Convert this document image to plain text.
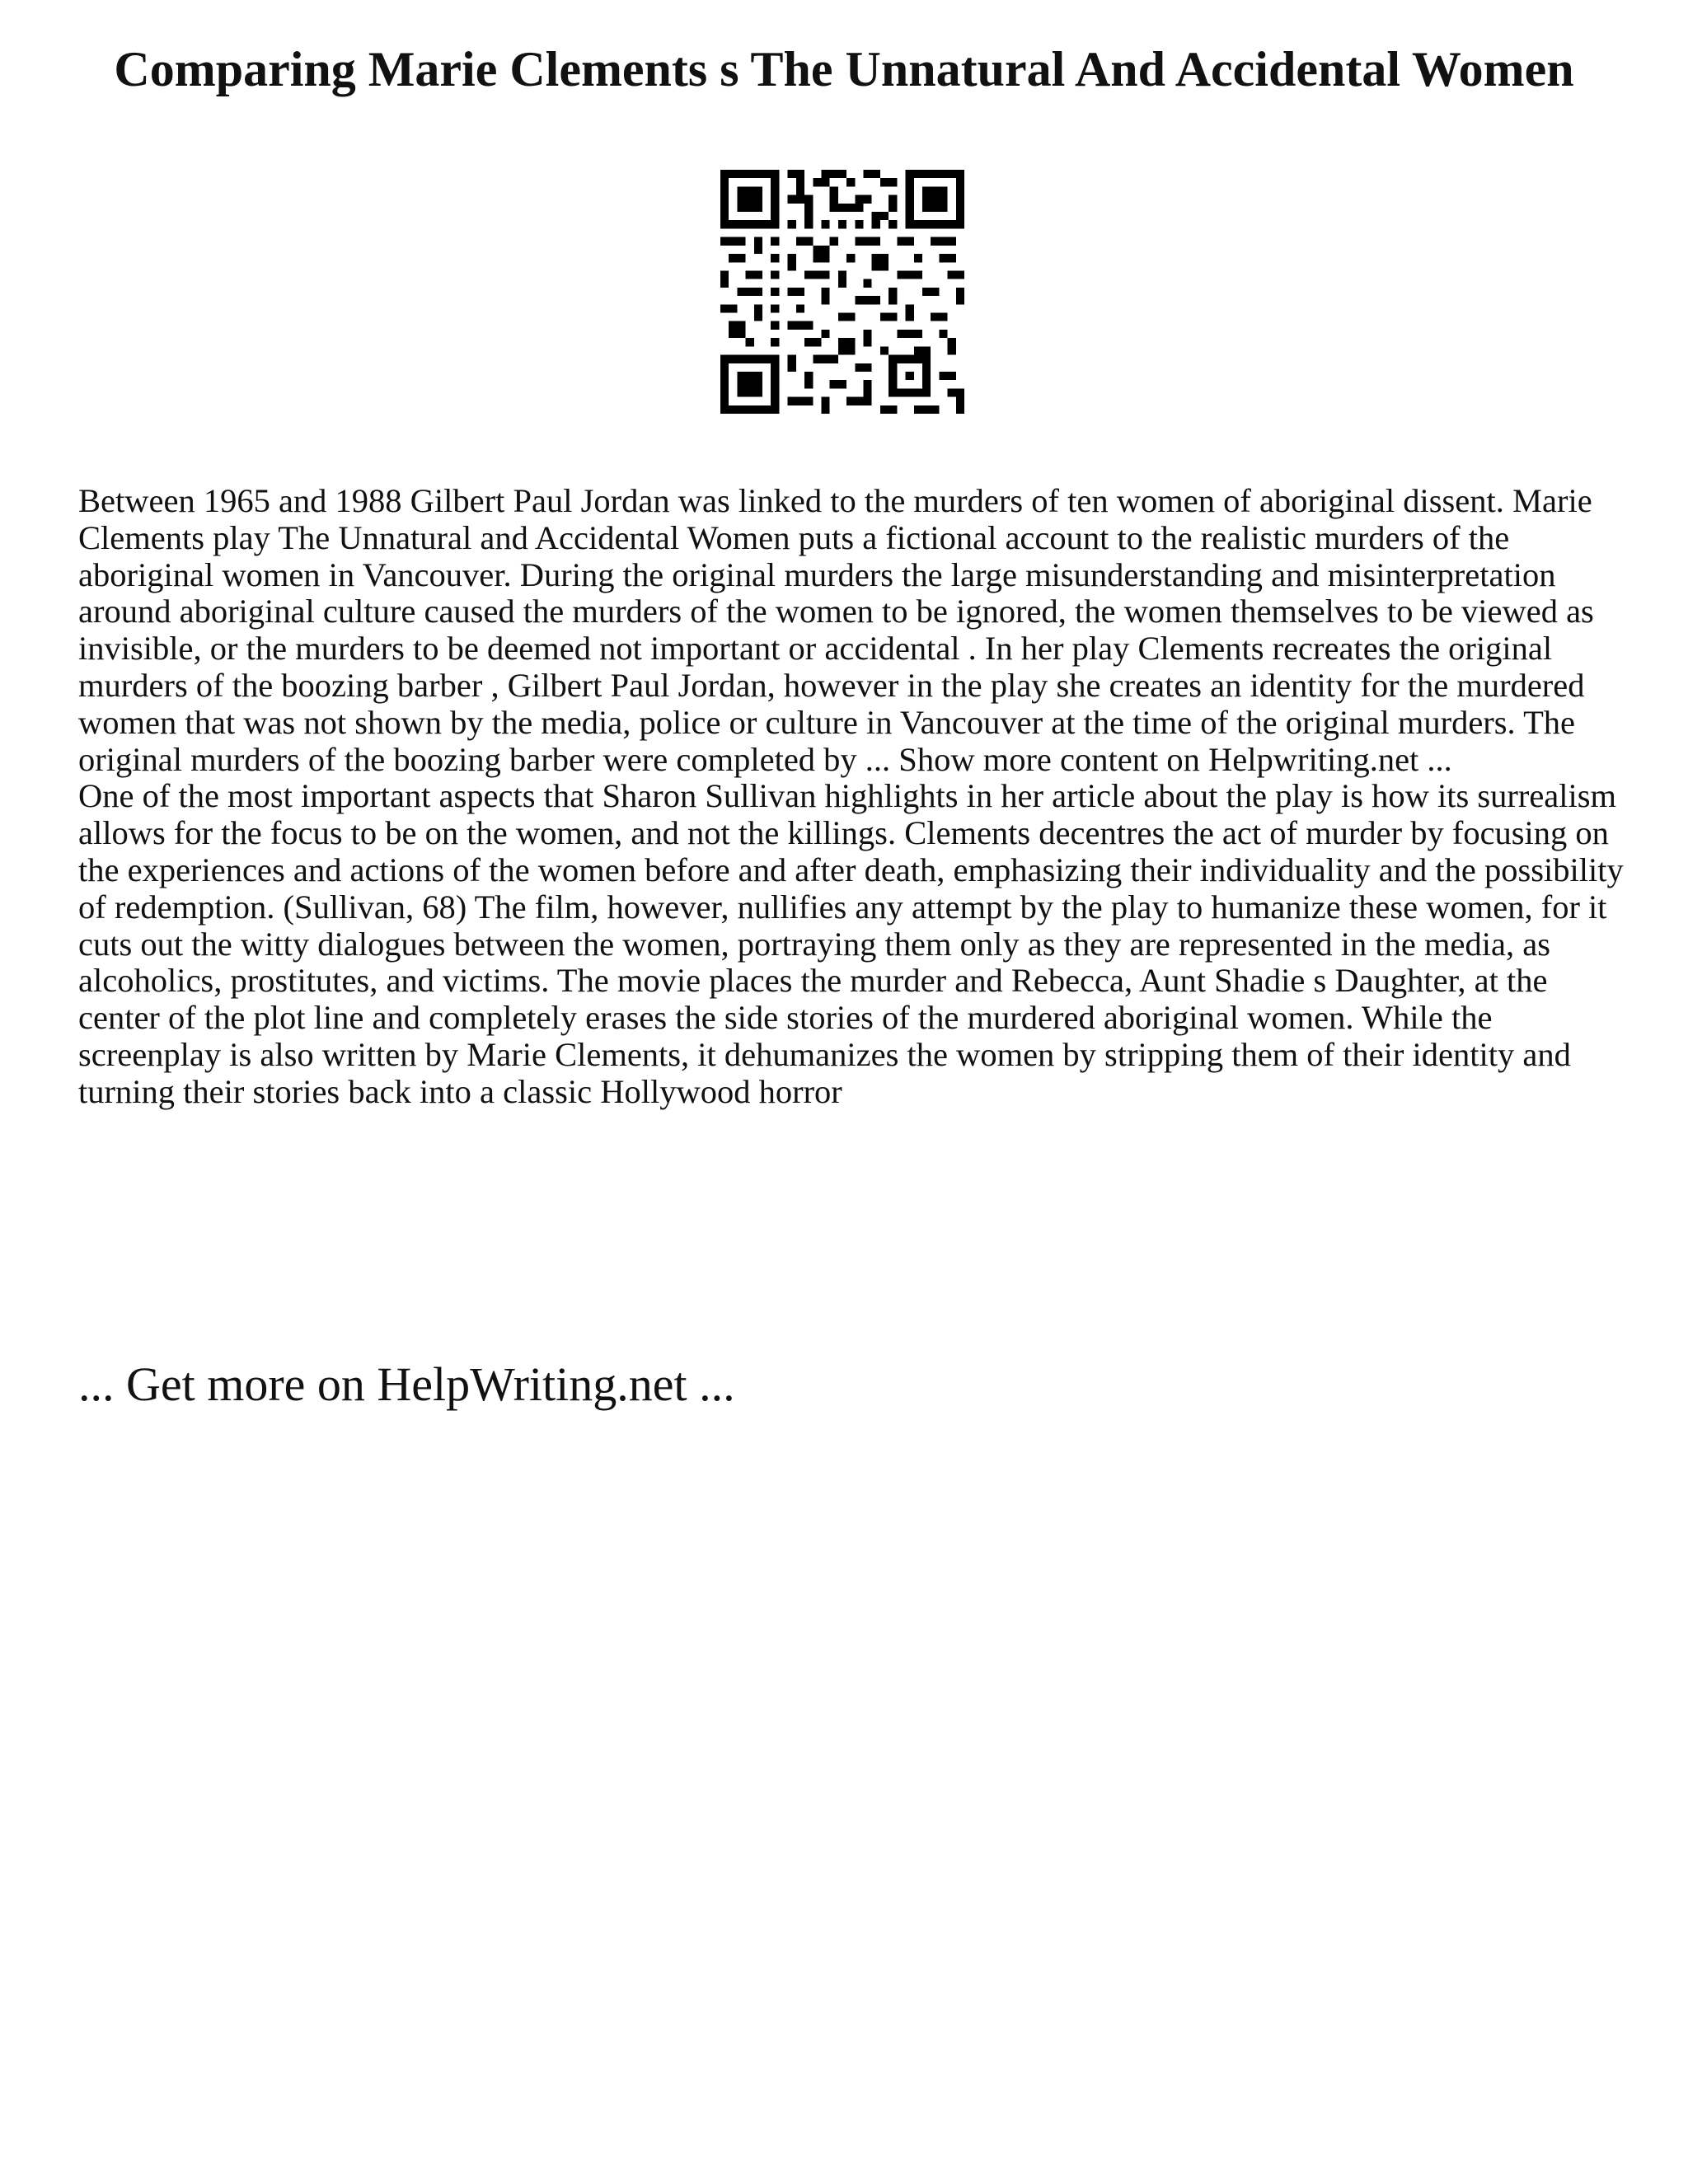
Comparing Marie Clements s The Unnatural And Accidental Women

Between 1965 and 1988 Gilbert Paul Jordan was linked to the murders of ten women of aboriginal dissent. Marie Clements play The Unnatural and Accidental Women puts a fictional account to the realistic murders of the aboriginal women in Vancouver. During the original murders the large misunderstanding and misinterpretation around aboriginal culture caused the murders of the women to be ignored, the women themselves to be viewed as invisible, or the murders to be deemed not important or accidental . In her play Clements recreates the original murders of the boozing barber , Gilbert Paul Jordan, however in the play she creates an identity for the murdered women that was not shown by the media, police or culture in Vancouver at the time of the original murders. The original murders of the boozing barber were completed by ... Show more content on Helpwriting.net ...

One of the most important aspects that Sharon Sullivan highlights in her article about the play is how its surrealism allows for the focus to be on the women, and not the killings. Clements decentres the act of murder by focusing on the experiences and actions of the women before and after death, emphasizing their individuality and the possibility of redemption. (Sullivan, 68) The film, however, nullifies any attempt by the play to humanize these women, for it cuts out the witty dialogues between the women, portraying them only as they are represented in the media, as alcoholics, prostitutes, and victims. The movie places the murder and Rebecca, Aunt Shadie s Daughter, at the center of the plot line and completely erases the side stories of the murdered aboriginal women. While the screenplay is also written by Marie Clements, it dehumanizes the women by stripping them of their identity and turning their stories back into a classic Hollywood horror

... Get more on HelpWriting.net ...
